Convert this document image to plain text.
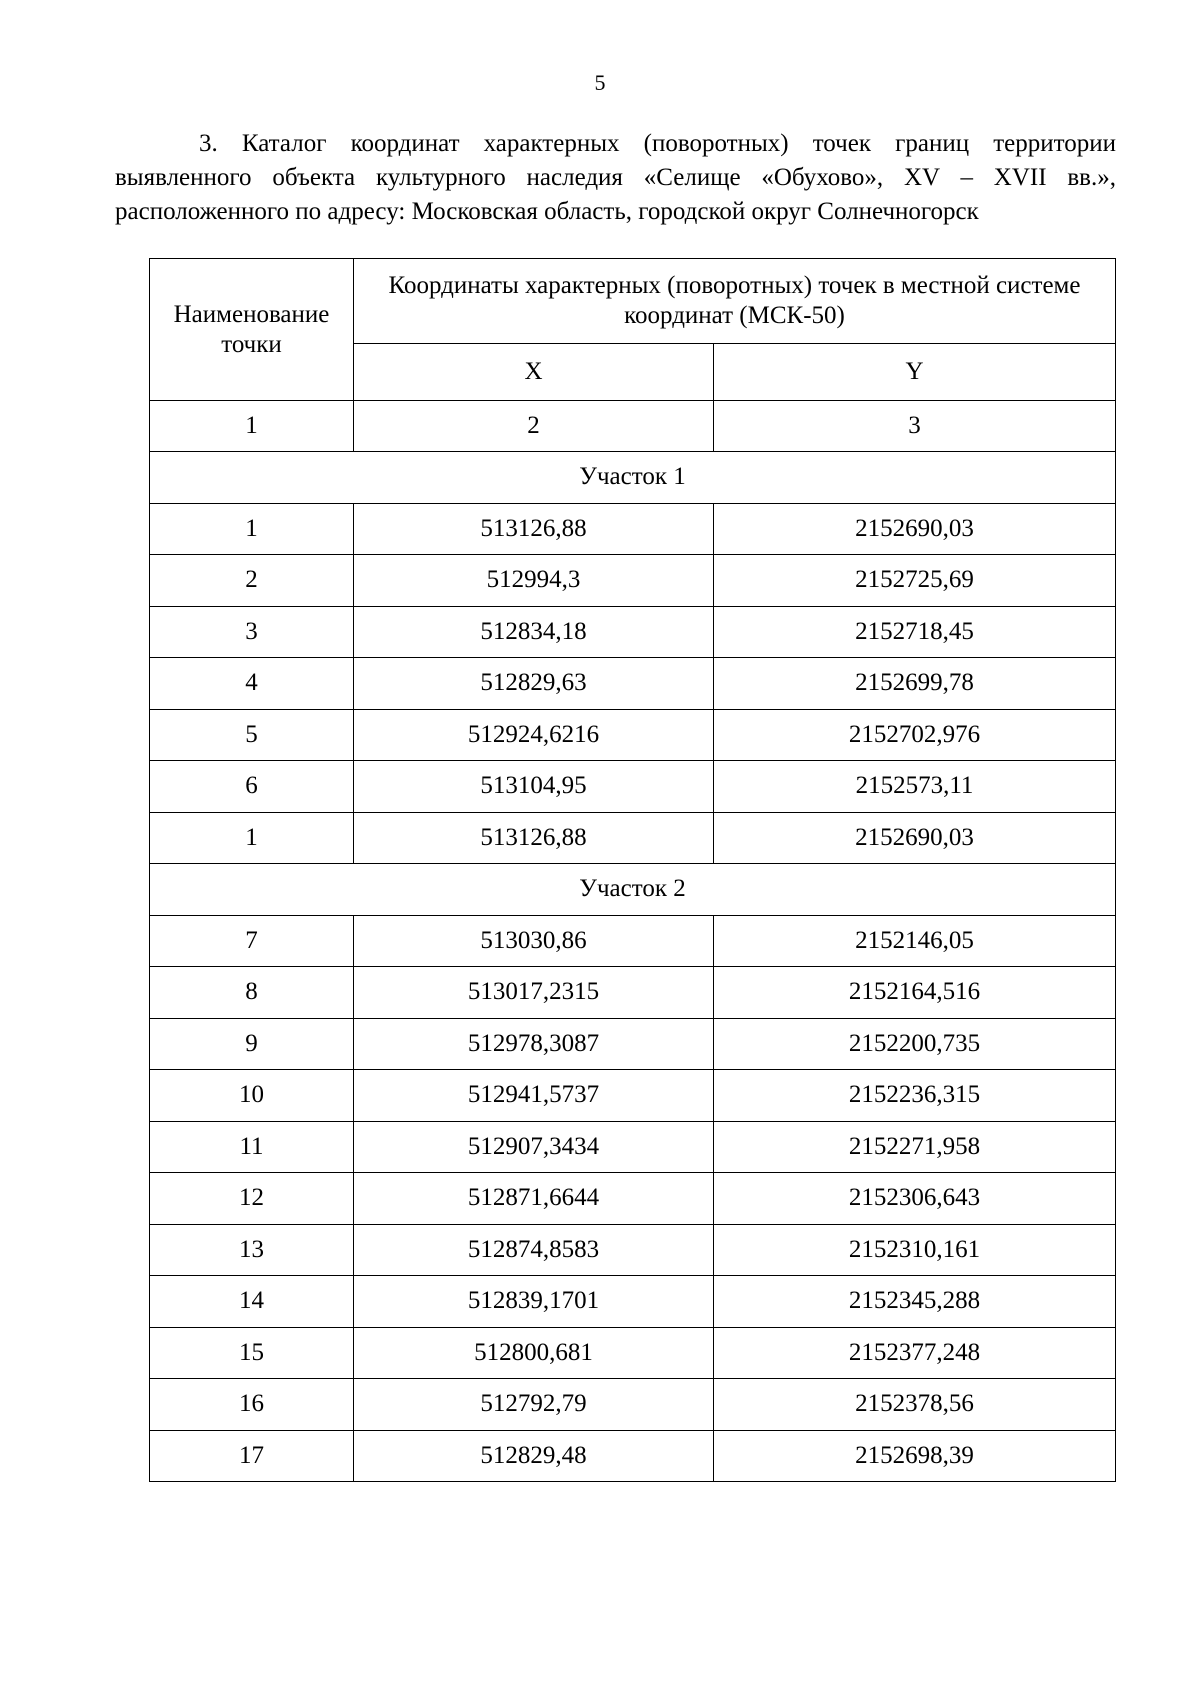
5

3. Каталог координат характерных (поворотных) точек границ территории выявленного объекта культурного наследия «Селище «Обухово», XV – XVII вв.», расположенного по адресу: Московская область, городской округ Солнечногорск

Наименование точки	Координаты характерных (поворотных) точек в местной системе координат (МСК-50)	
	X	Y
1	2	3
Участок 1		
1	513126,88	2152690,03
2	512994,3	2152725,69
3	512834,18	2152718,45
4	512829,63	2152699,78
5	512924,6216	2152702,976
6	513104,95	2152573,11
1	513126,88	2152690,03
Участок 2		
7	513030,86	2152146,05
8	513017,2315	2152164,516
9	512978,3087	2152200,735
10	512941,5737	2152236,315
11	512907,3434	2152271,958
12	512871,6644	2152306,643
13	512874,8583	2152310,161
14	512839,1701	2152345,288
15	512800,681	2152377,248
16	512792,79	2152378,56
17	512829,48	2152698,39
